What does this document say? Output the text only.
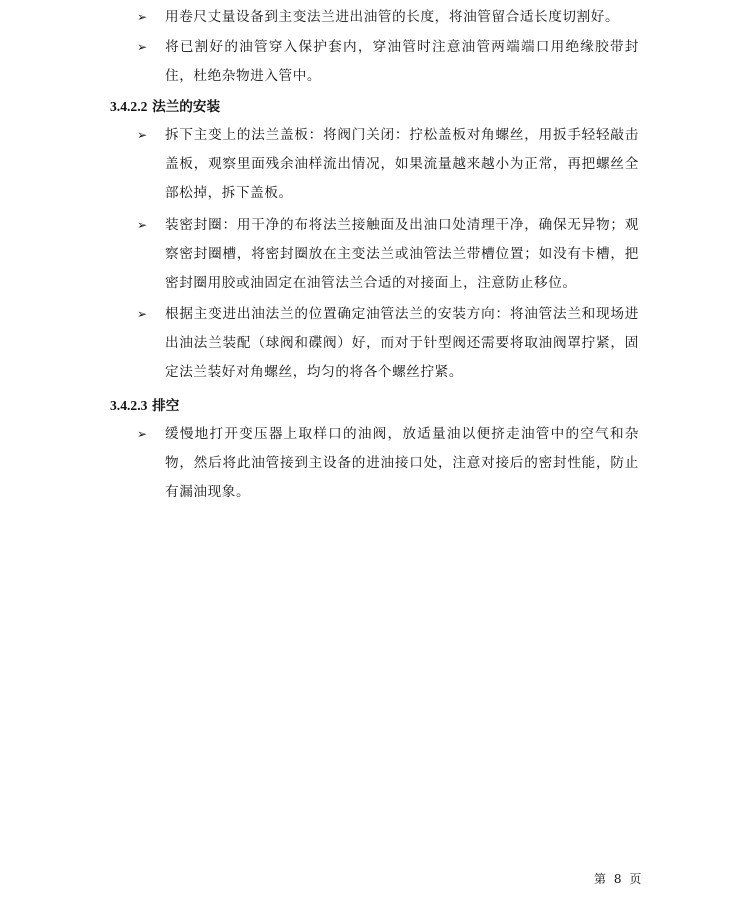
➢ 用卷尺丈量设备到主变法兰进出油管的长度，将油管留合适长度切割好。
➢ 将已割好的油管穿入保护套内，穿油管时注意油管两端端口用绝缘胶带封住，杜绝杂物进入管中。
3.4.2.2 法兰的安装
➢ 拆下主变上的法兰盖板：将阀门关闭：拧松盖板对角螺丝，用扳手轻轻敲击盖板，观察里面残余油样流出情况，如果流量越来越小为正常，再把螺丝全部松掉，拆下盖板。
➢ 装密封圈：用干净的布将法兰接触面及出油口处清理干净，确保无异物；观察密封圈槽，将密封圈放在主变法兰或油管法兰带槽位置；如没有卡槽，把密封圈用胶或油固定在油管法兰合适的对接面上，注意防止移位。
➢ 根据主变进出油法兰的位置确定油管法兰的安装方向：将油管法兰和现场进出油法兰装配（球阀和碟阀）好，而对于针型阀还需要将取油阀罩拧紧，固定法兰装好对角螺丝，均匀的将各个螺丝拧紧。
3.4.2.3 排空
➢ 缓慢地打开变压器上取样口的油阀，放适量油以便挤走油管中的空气和杂物，然后将此油管接到主设备的进油接口处，注意对接后的密封性能，防止有漏油现象。
第 8 页
